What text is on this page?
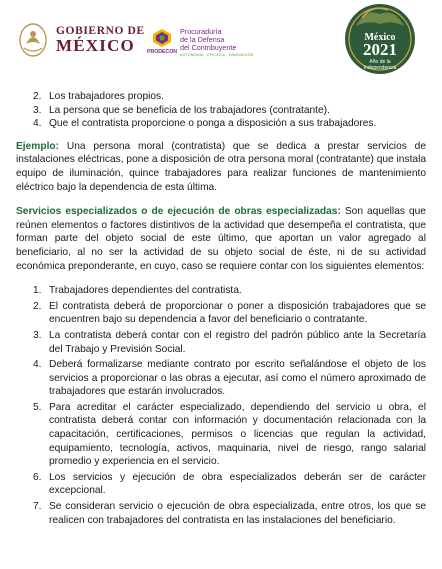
GOBIERNO DE
MÉXICO	PRODECON
Procuraduría
de la Defensa
del Contribuyente
AUTONOMÍA · EFICACIA · INNOVACIÓN
México
2021
Año de la
Independencia
2. Los trabajadores propios.
3. La persona que se beneficia de los trabajadores (contratante).
4. Que el contratista proporcione o ponga a disposición a sus trabajadores.

Ejemplo: Una persona moral (contratista) que se dedica a prestar servicios de instalaciones eléctricas, pone a disposición de otra persona moral (contratante) que instala equipo de iluminación, quince trabajadores para realizar funciones de mantenimiento eléctrico bajo la dependencia de esta última.

Servicios especializados o de ejecución de obras especializadas: Son aquellas que reúnen elementos o factores distintivos de la actividad que desempeña el contratista, que forman parte del objeto social de este último, que aportan un valor agregado al beneficiario, al no ser la actividad de su objeto social de éste, ni de su actividad económica preponderante, en cuyo, caso se requiere contar con los siguientes elementos:

1. Trabajadores dependientes del contratista.
2. El contratista deberá de proporcionar o poner a disposición trabajadores que se encuentren bajo su dependencia a favor del beneficiario o contratante.
3. La contratista deberá contar con el registro del padrón público ante la Secretaría del Trabajo y Previsión Social.
4. Deberá formalizarse mediante contrato por escrito señalándose el objeto de los servicios a proporcionar o las obras a ejecutar, así como el número aproximado de trabajadores que estarán involucrados.
5. Para acreditar el carácter especializado, dependiendo del servicio u obra, el contratista deberá contar con información y documentación relacionada con la capacitación, certificaciones, permisos o licencias que regulan la actividad, equipamiento, tecnología, activos, maquinaria, nivel de riesgo, rango salarial promedio y experiencia en el servicio.
6. Los servicios y ejecución de obra especializados deberán ser de carácter excepcional.
7. Se consideran servicio o ejecución de obra especializada, entre otros, los que se realicen con trabajadores del contratista en las instalaciones del beneficiario.
